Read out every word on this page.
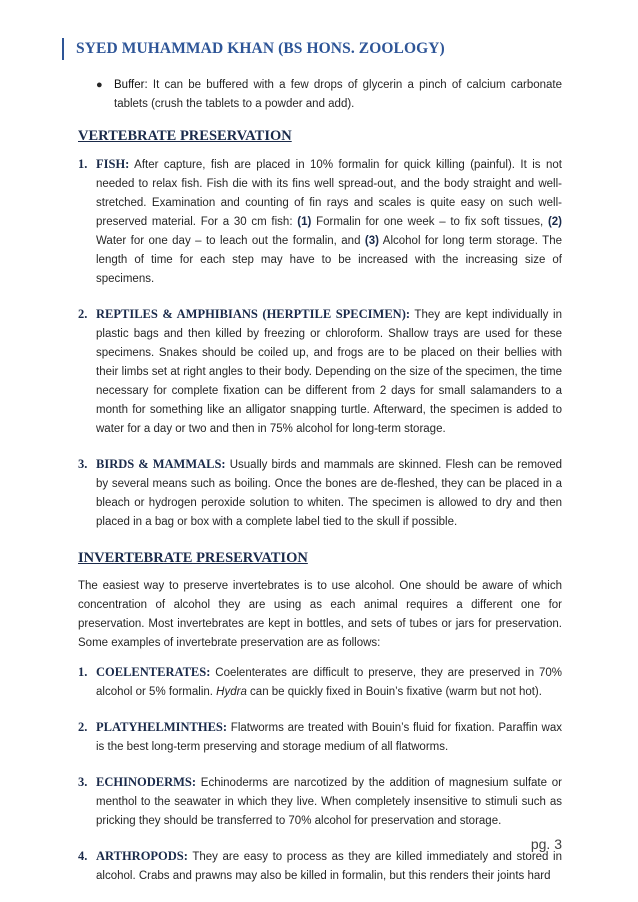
SYED MUHAMMAD KHAN (BS HONS. ZOOLOGY)
● Buffer: It can be buffered with a few drops of glycerin a pinch of calcium carbonate tablets (crush the tablets to a powder and add).

VERTEBRATE PRESERVATION
1. FISH: After capture, fish are placed in 10% formalin for quick killing (painful). It is not needed to relax fish. Fish die with its fins well spread-out, and the body straight and well-stretched. Examination and counting of fin rays and scales is quite easy on such well-preserved material. For a 30 cm fish: (1) Formalin for one week – to fix soft tissues, (2) Water for one day – to leach out the formalin, and (3) Alcohol for long term storage. The length of time for each step may have to be increased with the increasing size of specimens.

2. REPTILES & AMPHIBIANS (HERPTILE SPECIMEN): They are kept individually in plastic bags and then killed by freezing or chloroform. Shallow trays are used for these specimens. Snakes should be coiled up, and frogs are to be placed on their bellies with their limbs set at right angles to their body. Depending on the size of the specimen, the time necessary for complete fixation can be different from 2 days for small salamanders to a month for something like an alligator snapping turtle. Afterward, the specimen is added to water for a day or two and then in 75% alcohol for long-term storage.

3. BIRDS & MAMMALS: Usually birds and mammals are skinned. Flesh can be removed by several means such as boiling. Once the bones are de-fleshed, they can be placed in a bleach or hydrogen peroxide solution to whiten. The specimen is allowed to dry and then placed in a bag or box with a complete label tied to the skull if possible.

INVERTEBRATE PRESERVATION

The easiest way to preserve invertebrates is to use alcohol. One should be aware of which concentration of alcohol they are using as each animal requires a different one for preservation. Most invertebrates are kept in bottles, and sets of tubes or jars for preservation. Some examples of invertebrate preservation are as follows:

1. COELENTERATES: Coelenterates are difficult to preserve, they are preserved in 70% alcohol or 5% formalin. Hydra can be quickly fixed in Bouin’s fixative (warm but not hot).

2. PLATYHELMINTHES: Flatworms are treated with Bouin’s fluid for fixation. Paraffin wax is the best long-term preserving and storage medium of all flatworms.

3. ECHINODERMS: Echinoderms are narcotized by the addition of magnesium sulfate or menthol to the seawater in which they live. When completely insensitive to stimuli such as pricking they should be transferred to 70% alcohol for preservation and storage.

4. ARTHROPODS: They are easy to process as they are killed immediately and stored in alcohol. Crabs and prawns may also be killed in formalin, but this renders their joints hard

pg. 3
